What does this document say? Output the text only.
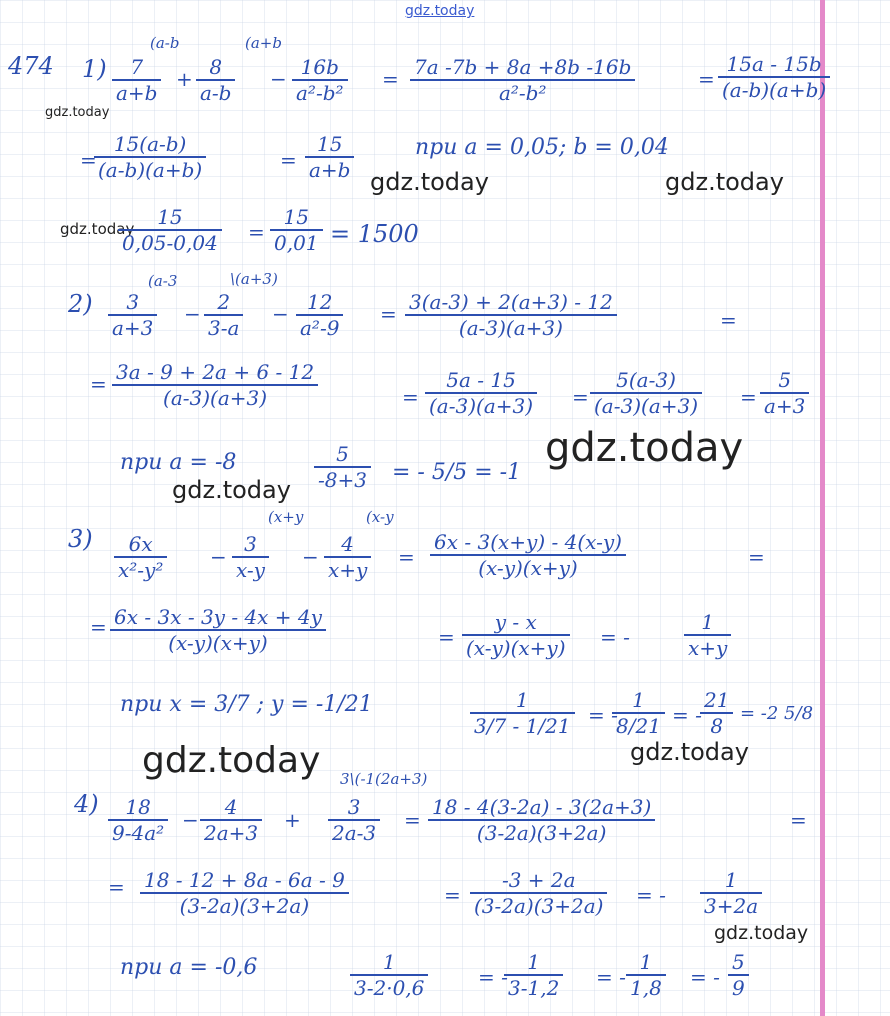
gdz.today
474
gdz.today
1)
(a-b	(a+b
7
a+b
+ 8
a-b
− 16b
a²-b²
= 7a -7b + 8a +8b -16b
a²-b²
=
15a - 15b
(a-b)(a+b)
=
15(a-b)
(a-b)(a+b)	=
15
a+b
при a = 0,05; b = 0,04
gdz.today	gdz.today
gdz.today 15
0,05-0,04 =
15
0,01 = 1500
2)
(a-3	\(a+3)
3
a+3
− 2
3-a
− 12
a²-9
= 3(a-3) + 2(a+3) - 12
(a-3)(a+3)	=
= 3a - 9 + 2a + 6 - 12
(a-3)(a+3)	=
5a - 15
(a-3)(a+3) =
5(a-3)
(a-3)(a+3) =
5
a+3
при a = -8	5
-8+3 = - 5/5 = -1
gdz.today
gdz.today
3)
(x+y	(x-y
6x
x²-y²
−
3
x-y
−
4
x+y
=
6x - 3(x+y) - 4(x-y)
(x-y)(x+y)	=
= 6x - 3x - 3y - 4x + 4y
(x-y)(x+y)	=
y - x
(x-y)(x+y) = -
1
x+y
при x = 3/7 ; y = -1/21	1
3/7 - 1/21 = -
1
8/21 = -
21
8
= -2 5/8
gdz.today	gdz.today
4)
3\(-1(2a+3)
18
9-4a²
−
4
2a+3
+
3
2a-3
=
18 - 4(3-2a) - 3(2a+3)
(3-2a)(3+2a)
=
= 18 - 12 + 8a - 6a - 9
(3-2a)(3+2a)	=
-3 + 2a
(3-2a)(3+2a) = -
1
3+2a
gdz.today
при a = -0,6	1
3-2·0,6	= -
1
3-1,2 = -
1
1,8 = -
5
9
